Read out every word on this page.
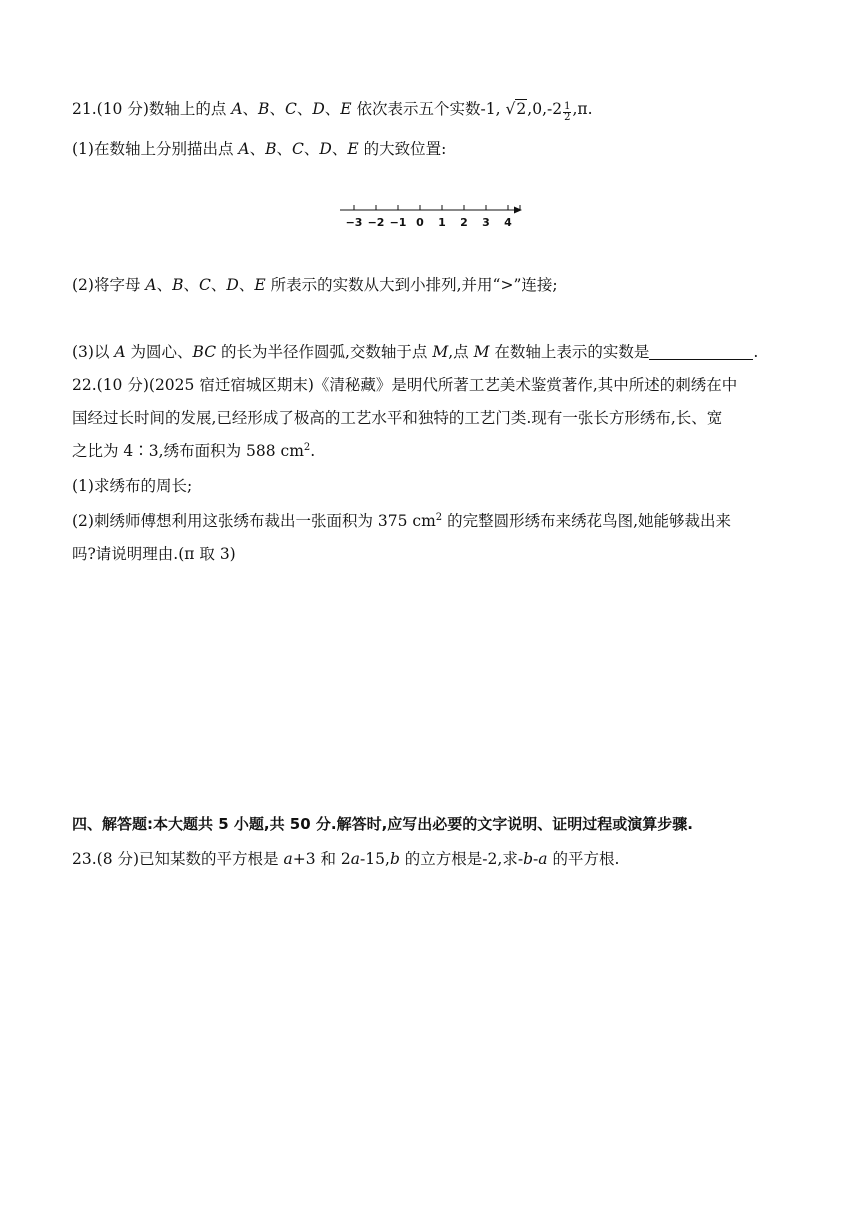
21.(10 分)数轴上的点 A、B、C、D、E 依次表示五个实数-1, $√2,0,-2 \frac{1}{2} ,\pi$.
(1)在数轴上分别描出点 A、B、C、D、E 的大致位置:
−3 −2 −1 0 1 2 3 4
(2)将字母 A、B、C、D、E 所表示的实数从大到小排列,并用“>”连接;
(3)以 A 为圆心、BC 的长为半径作圆弧,交数轴于点 M,点 M 在数轴上表示的实数是	.
22.(10 分)(2025 宿迁宿城区期末)《清秘藏》是明代所著工艺美术鉴赏著作,其中所述的刺绣在中
国经过长时间的发展,已经形成了极高的工艺水平和独特的工艺门类.现有一张长方形绣布,长、宽
之比为 4∶3,绣布面积为 588 $cm^2$.
(1)求绣布的周长;
(2)刺绣师傅想利用这张绣布裁出一张面积为 375 $cm^2$ 的完整圆形绣布来绣花鸟图,她能够裁出来
吗?请说明理由.(π 取 3)
四、解答题:本大题共 5 小题,共 50 分.解答时,应写出必要的文字说明、证明过程或演算步骤.
23.(8 分)已知某数的平方根是 a+3 和 2a-15,b 的立方根是-2,求-b-a 的平方根.
